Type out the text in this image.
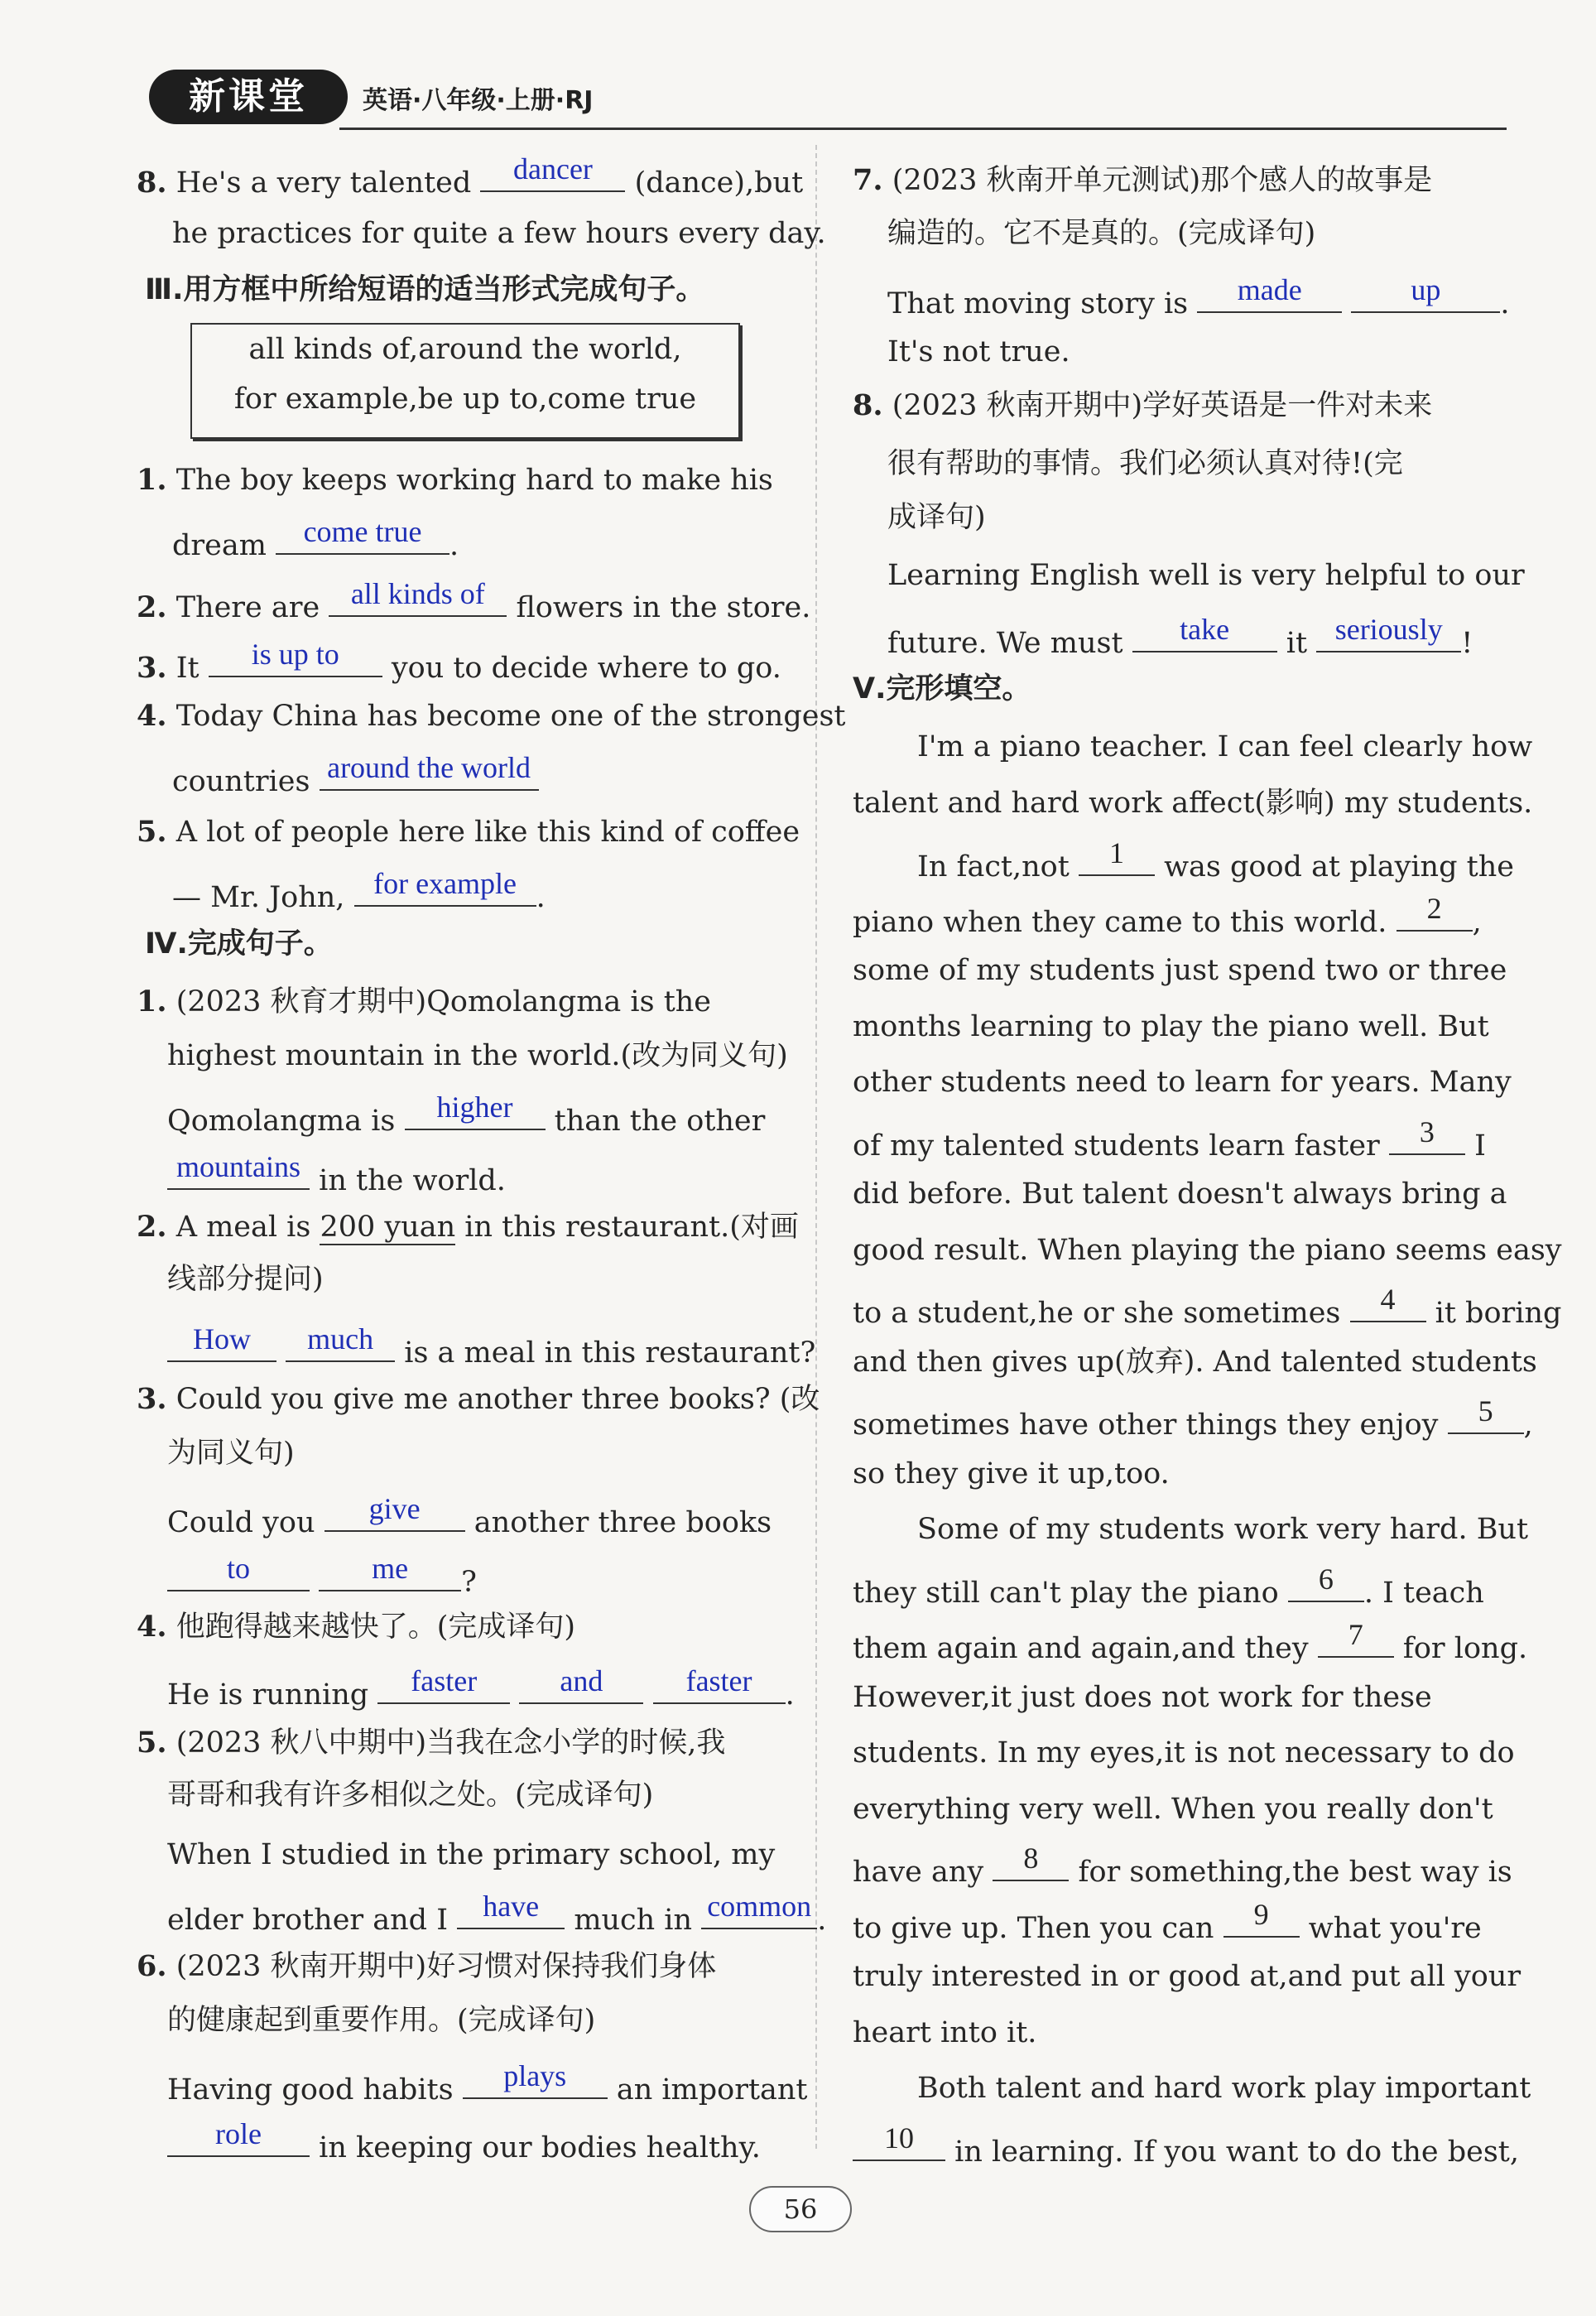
新课堂	英语·八年级·上册·RJ
8. He's a very talented	dancer	(dance),but
he practices for quite a few hours every day.
Ⅲ.用方框中所给短语的适当形式完成句子。
all kinds of,around the world,
for example,be up to,come true
1. The boy keeps working hard to make his
dream	come true .
2. There are	all kinds of	flowers in the store.
3. It	is up to	you to decide where to go.
4. Today China has become one of the strongest
countries around the world
5. A lot of people here like this kind of coffee
— Mr. John, for example .
Ⅳ.完成句子。
1. (2023 秋育才期中)Qomolangma is the
highest mountain in the world.(改为同义句)
Qomolangma is	higher	than the other
mountains in the world.
2. A meal is 200 yuan in this restaurant.(对画
线部分提问)
How
	much	is a meal in this restaurant?
3. Could you give me another three books? (改
为同义句)
Could you	give	another three books
to
	me	?
4. 他跑得越来越快了。(完成译句)
He is running	faster
	and
	faster	.
5. (2023 秋八中期中)当我在念小学的时候,我
哥哥和我有许多相似之处。(完成译句)
When I studied in the primary school, my
elder brother and I	have	much in common .
6. (2023 秋南开期中)好习惯对保持我们身体
的健康起到重要作用。(完成译句)
Having good habits	plays	an important
role	in keeping our bodies healthy.
7. (2023 秋南开单元测试)那个感人的故事是
编造的。它不是真的。(完成译句)
That moving story is	made
	up	.
It's not true.
8. (2023 秋南开期中)学好英语是一件对未来
很有帮助的事情。我们必须认真对待!(完
成译句)
Learning English well is very helpful to our
future. We must	take	it seriously !
Ⅴ.完形填空。
I'm a piano teacher. I can feel clearly how
talent and hard work affect(影响) my students.
In fact,not	1	was good at playing the
piano when they came to this world.	2	,
some of my students just spend two or three
months learning to play the piano well. But
other students need to learn for years. Many
of my talented students learn faster	3	I
did before. But talent doesn't always bring a
good result. When playing the piano seems easy
to a student,he or she sometimes	4	it boring
and then gives up(放弃). And talented students
sometimes have other things they enjoy	5	,
so they give it up,too.
Some of my students work very hard. But
they still can't play the piano	6	. I teach
them again and again,and they	7	for long.
However,it just does not work for these
students. In my eyes,it is not necessary to do
everything very well. When you really don't
have any	8	for something,the best way is
to give up. Then you can	9	what you're
truly interested in or good at,and put all your
heart into it.
Both talent and hard work play important
10	in learning. If you want to do the best,
56
